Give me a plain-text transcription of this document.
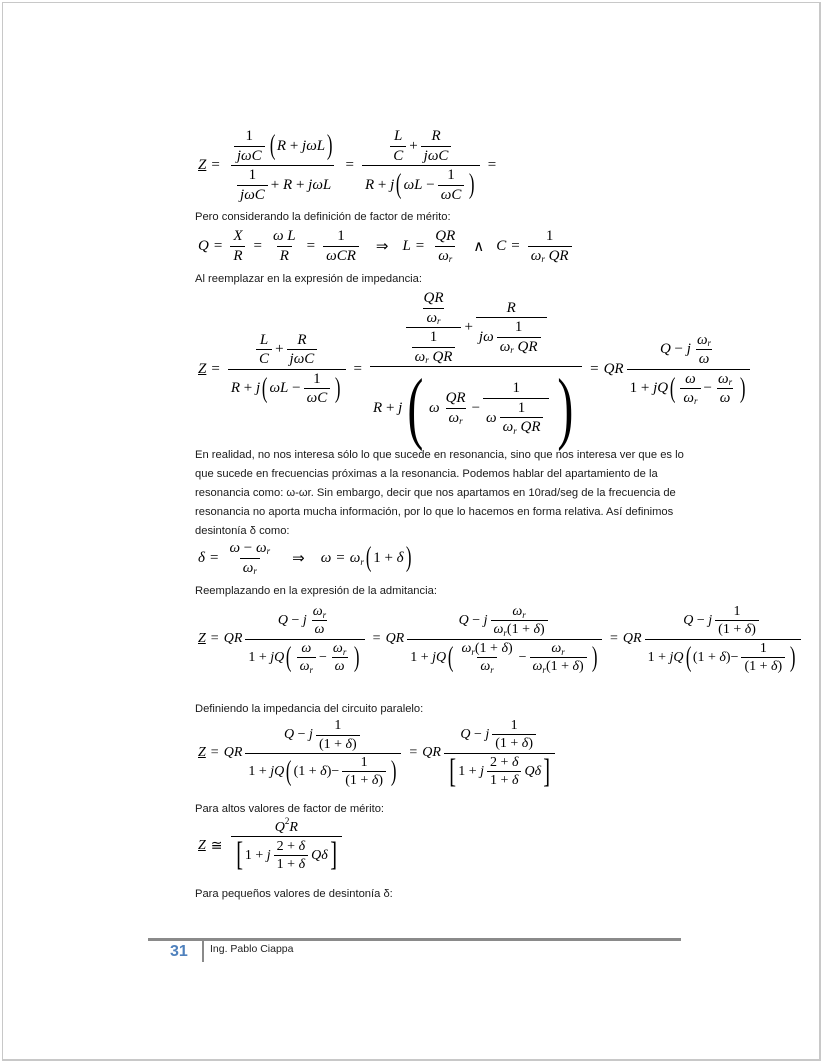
$Z = \frac{\frac{1}{\text{jωC}} ( R + j\omega L )}{\frac{1}{\text{jωC}} + R + j\omega L} = \frac{\frac{L}{C} + \frac{R}{\text{jωC}}}{R + j ( \omega L - \frac{1}{\omega C} )}$ =
Pero considerando la definición de factor de mérito:
$Q = \frac{X}{R} = \frac{\text{ω L}}{R} = \frac{1}{\text{ωCR}}$ ⇒ $L = \frac{QR}{\text{ω r}}$ ∧ C = 1
ω r
QR
Al reemplazar en la expresión de impedancia:
$Z = \frac{\frac{L}{C} + \frac{R}{\text{jωC}}}{R + j ( \omega L - \frac{1}{\omega C} )} = \frac{QR}{\text{ω r}}$
1
ω r
QR + R
jω 1
ω r
QR
R + j ( ω $\frac{QR}{\text{ω r}} - 1$
ω 1
ω r
QR ) = QR $\frac{Q - j \frac{\text{ω r}}{\omega}}{1 + jQ ( \frac{\omega}{\text{ω r}} - \frac{\text{ω r}}{\omega} )}$
En realidad, no nos interesa sólo lo que sucede en resonancia, sino que nos interesa ver que es lo que sucede en frecuencias próximas a la resonancia. Podemos hablar del apartamiento de la resonancia como: ω-ωr. Sin embargo, decir que nos apartamos en 10rad/seg de la frecuencia de resonancia no aporta mucha información, por lo que lo hacemos en forma relativa. Así definimos desintonía δ como:
$\delta = \frac{\text{ω − ω r}}{\text{ω r}}$ ⇒ ω = ω r ( 1 + δ )
Reemplazando en la expresión de la admitancia:
Z = QR $\frac{Q - j \frac{\text{ω r}}{\omega}}{1 + jQ ( \frac{\omega}{\text{ω r}} - \frac{\text{ω r}}{\omega} )}$ = QR $\frac{Q - j \frac{\text{ω r}}{\text{ω r (1 + δ )}}}{1 + jQ ( \frac{\text{ω r (1 + δ )}}{\text{ω r}} - \frac{\text{ω r}}{\text{ω r (1 + δ )}} )}$ = QR $\frac{Q - j \frac{1}{(1 + \delta )}}{1 + jQ ( (1 + \delta )- \frac{1}{(1 + \delta )} )}$
Definiendo la impedancia del circuito paralelo:
Z = QR $\frac{Q - j \frac{1}{(1 + \delta )}}{1 + jQ ( (1 + \delta )- \frac{1}{(1 + \delta )} )}$ = QR $\frac{Q - j \frac{1}{(1 + \delta )}}{[ 1 + j \frac{2 + \delta}{1 + \delta} Q\delta ]}$
Para altos valores de factor de mérito:
Z ≅ $\frac{Q 2 R}{[ 1 + j \frac{2 + \delta}{1 + \delta} Q\delta ]}$
Para pequeños valores de desintonía δ:
31 Ing. Pablo Ciappa
